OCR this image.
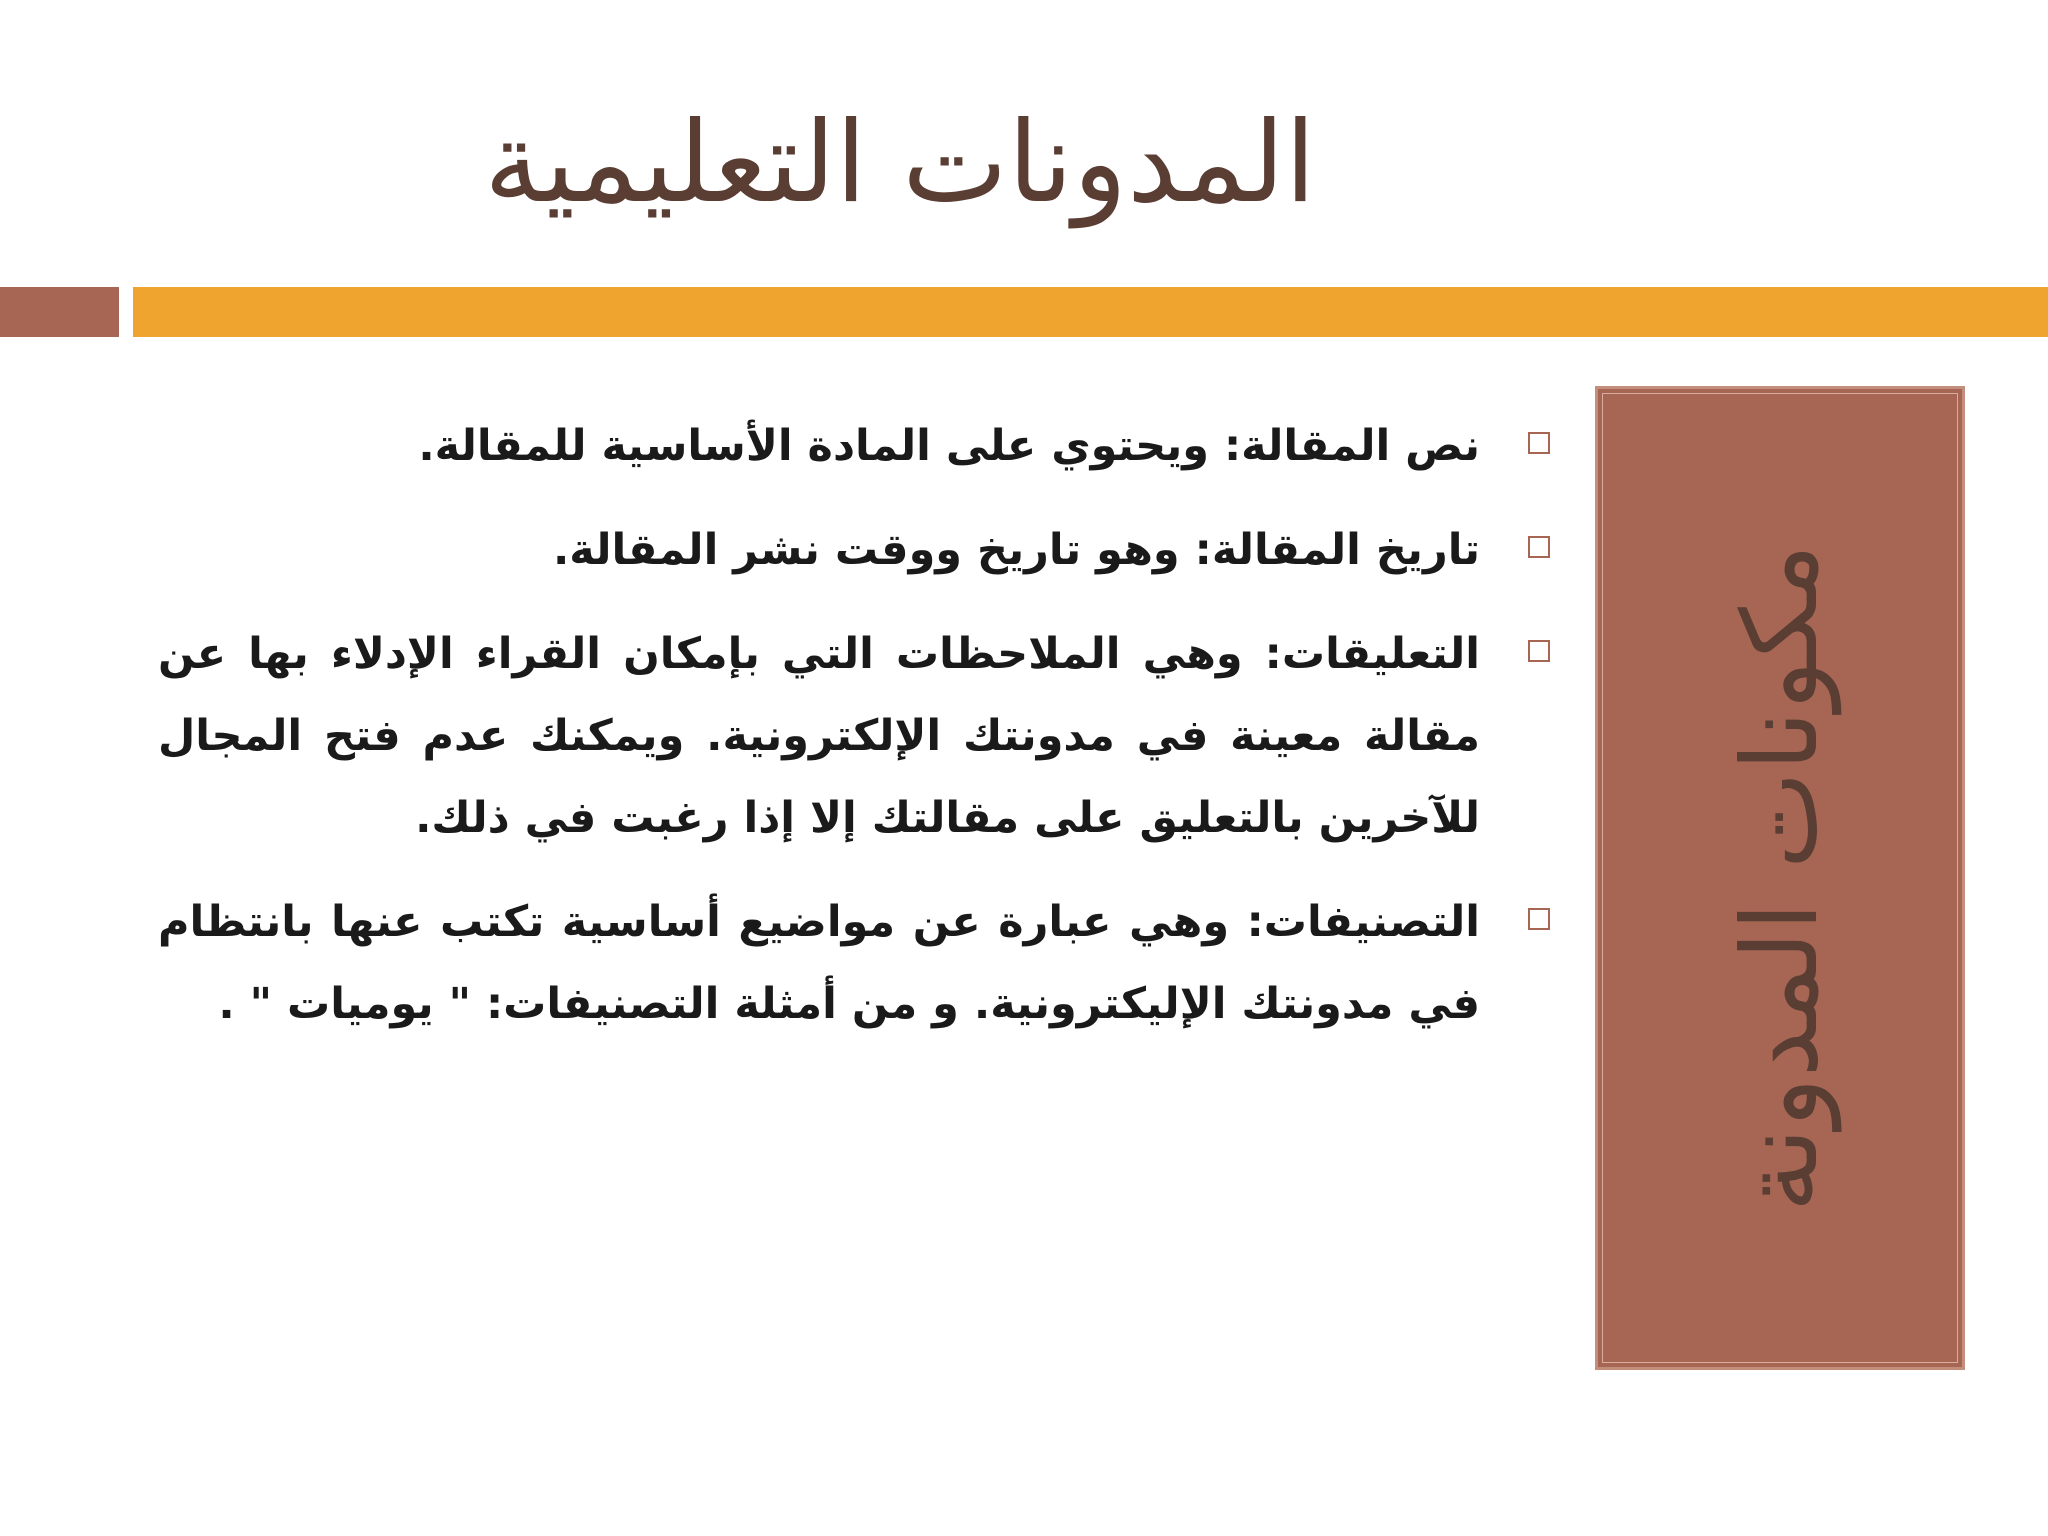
المدونات التعليمية
نص المقالة: ويحتوي على المادة الأساسية للمقالة.
تاريخ المقالة: وهو تاريخ ووقت نشر المقالة.
التعليقات: وهي الملاحظات التي بإمكان القراء الإدلاء بها عن مقالة معينة في مدونتك الإلكترونية. ويمكنك عدم فتح المجال للآخرين بالتعليق على مقالتك إلا إذا رغبت في ذلك.
التصنيفات: وهي عبارة عن مواضيع أساسية تكتب عنها بانتظام في مدونتك الإليكترونية. و من أمثلة التصنيفات: " يوميات " .	مكونات المدونة
